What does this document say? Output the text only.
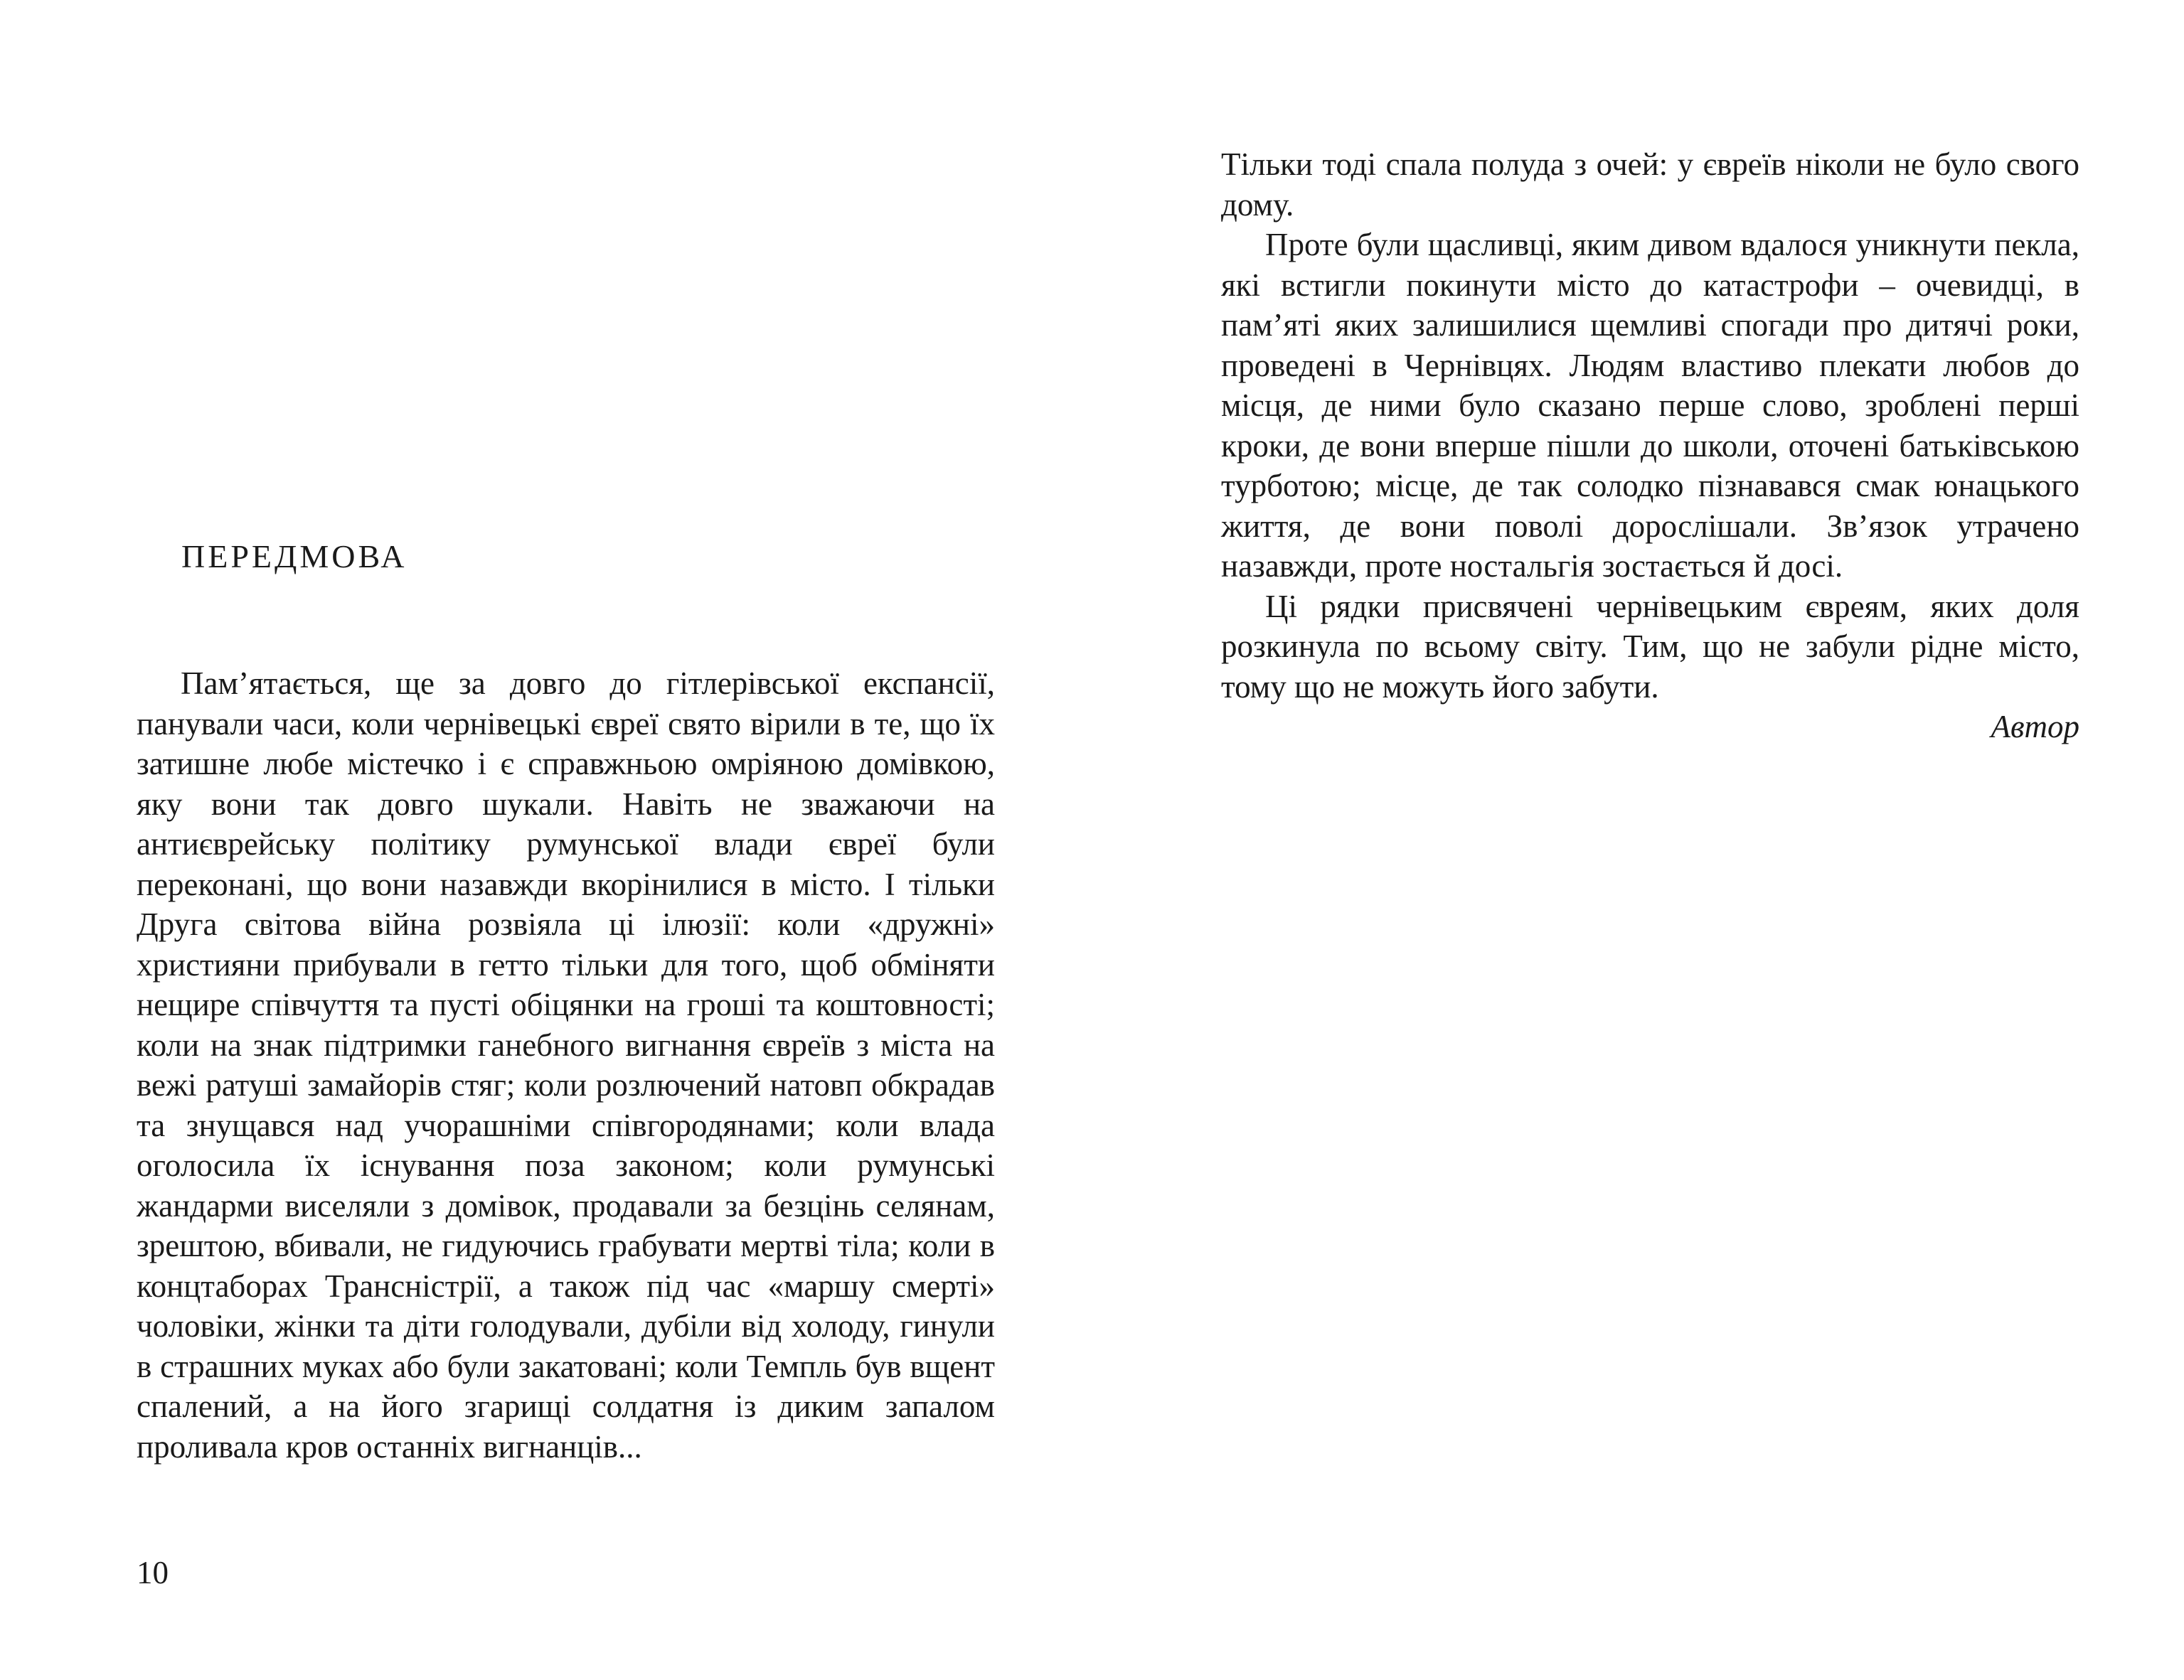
ПЕРЕДМОВА

Пам’ятається, ще за довго до гітлерівської експансії, панували часи, коли чернівецькі євреї свято вірили в те, що їх затишне любе містечко і є справжньою омріяною домівкою, яку вони так довго шукали. Навіть не зважаючи на антиєврейську політику румунської влади євреї були переконані, що вони назавжди вкорінилися в місто. І тільки Друга світова війна розвіяла ці ілюзії: коли «дружні» християни прибували в гетто тільки для того, щоб обміняти нещире співчуття та пусті обіцянки на гроші та коштовності; коли на знак підтримки ганебного вигнання євреїв з міста на вежі ратуші замайорів стяг; коли розлючений натовп обкрадав та знущався над учорашніми співгородянами; коли влада оголосила їх існування поза законом; коли румунські жандарми виселяли з домівок, продавали за безцінь селянам, зрештою, вбивали, не гидуючись грабувати мертві тіла; коли в концтаборах Трансністрії, а також під час «маршу смерті» чоловіки, жінки та діти голодували, дубіли від холоду, гинули в страшних муках або були закатовані; коли Темпль був вщент спалений, а на його згарищі солдатня із диким запалом проливала кров останніх вигнанців...

10

Тільки тоді спала полуда з очей: у євреїв ніколи не було свого дому.

Проте були щасливці, яким дивом вдалося уникнути пекла, які встигли покинути місто до катастрофи – очевидці, в пам’яті яких залишилися щемливі спогади про дитячі роки, проведені в Чернівцях. Людям властиво плекати любов до місця, де ними було сказано перше слово, зроблені перші кроки, де вони вперше пішли до школи, оточені батьківською турботою; місце, де так солодко пізнавався смак юнацького життя, де вони поволі дорослішали. Зв’язок утрачено назавжди, проте ностальгія зостається й досі.

Ці рядки присвячені чернівецьким євреям, яких доля розкинула по всьому світу. Тим, що не забули рідне місто, тому що не можуть його забути.

Автор
